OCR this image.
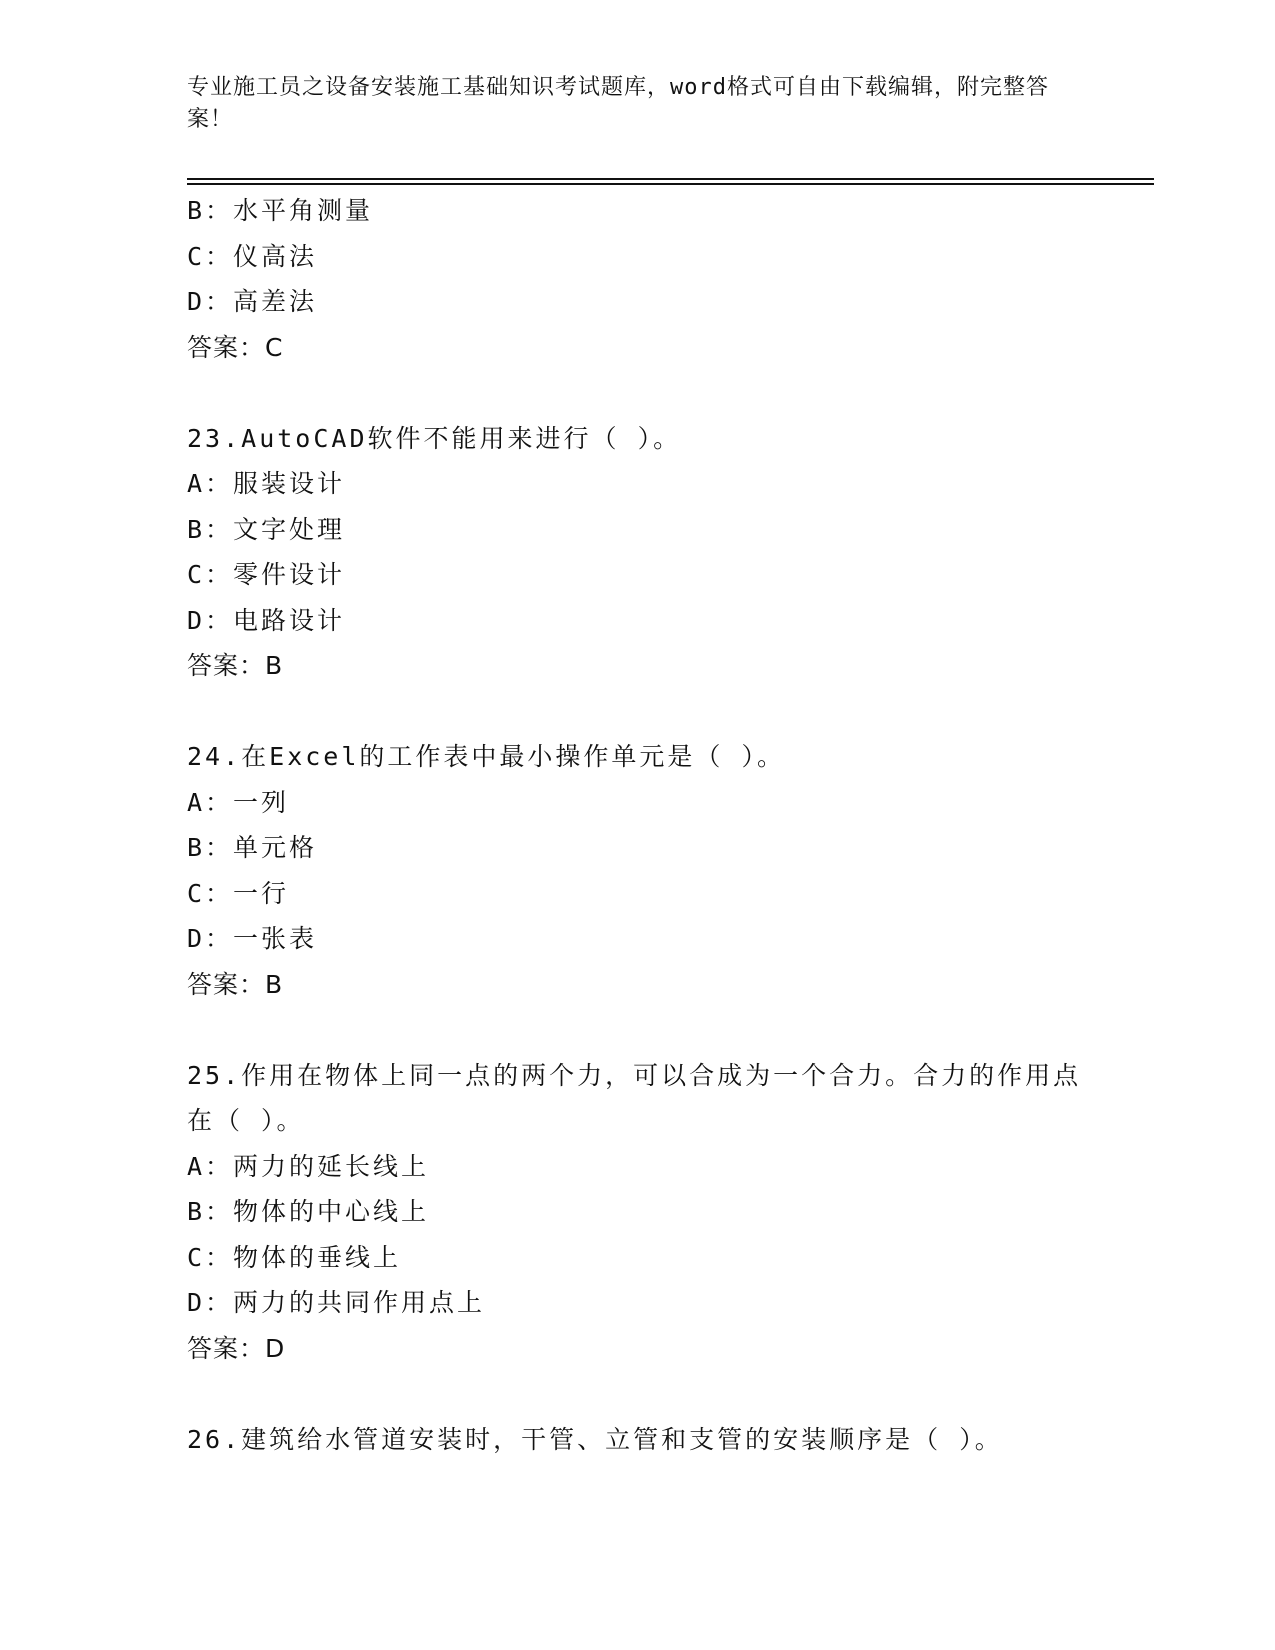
专业施工员之设备安装施工基础知识考试题库，word格式可自由下载编辑，附完整答案！
B：水平角测量
C：仪高法
D：高差法
答案：C
23.AutoCAD软件不能用来进行（ ）。
A：服装设计
B：文字处理
C：零件设计
D：电路设计
答案：B
24.在Excel的工作表中最小操作单元是（ ）。
A：一列
B：单元格
C：一行
D：一张表
答案：B
25.作用在物体上同一点的两个力，可以合成为一个合力。合力的作用点在（ ）。
A：两力的延长线上
B：物体的中心线上
C：物体的垂线上
D：两力的共同作用点上
答案：D
26.建筑给水管道安装时，干管、立管和支管的安装顺序是（ ）。
